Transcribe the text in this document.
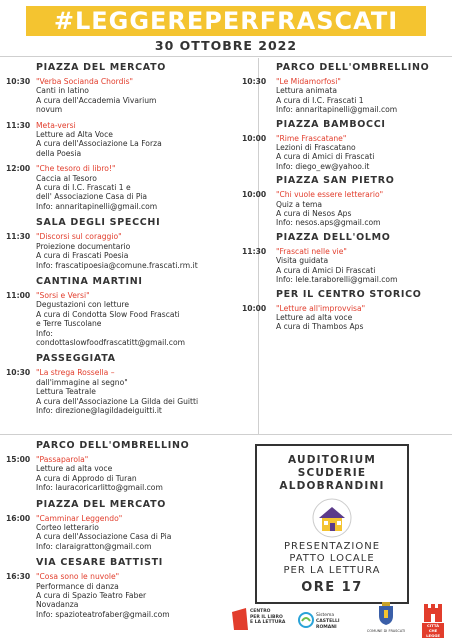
#LEGGEREPERFRASCATI
30 OTTOBRE 2022
PIAZZA DEL MERCATO
10:30 "Verba Socianda Chordis"
Canti in latino
A cura dell'Accademia Vivarium
novum
11:30 Meta-versi
Letture ad Alta Voce
A cura dell'Associazione La Forza
della Poesia
12:00 "Che tesoro di libro!"
Caccia al Tesoro
A cura di I.C. Frascati 1 e
dell' Associazione Casa di Pia
Info: annaritapinelli@gmail.com
SALA DEGLI SPECCHI
11:30 "Discorsi sul coraggio"
Proiezione documentario
A cura di Frascati Poesia
Info: frascatipoesia@comune.frascati.rm.it
CANTINA MARTINI
11:00 "Sorsi e Versi"
Degustazioni con letture
A cura di Condotta Slow Food Frascati
e Terre Tuscolane
Info:
condottaslowfoodfrascatitt@gmail.com
PASSEGGIATA
10:30 "La strega Rossella –
dall'immagine al segno"
Lettura Teatrale
A cura dell'Associazione La Gilda dei Guitti
Info: direzione@lagildadeiguitti.it
PARCO DELL'OMBRELLINO
10:30 "Le Midamorfosi"
Lettura animata
A cura di I.C. Frascati 1
Info: annaritapinelli@gmail.com
PIAZZA BAMBOCCI
10:00 "Rime Frascatane"
Lezioni di Frascatano
A cura di Amici di Frascati
Info: diego_ew@yahoo.it
PIAZZA SAN PIETRO
10:00 "Chi vuole essere letterario"
Quiz a tema
A cura di Nesos Aps
Info: nesos.aps@gmail.com
PIAZZA DELL'OLMO
11:30 "Frascati nelle vie"
Visita guidata
A cura di Amici Di Frascati
Info: lele.taraborelli@gmail.com
PER IL CENTRO STORICO
10:00 "Letture all'improvvisa"
Letture ad alta voce
A cura di Thambos Aps
PARCO DELL'OMBRELLINO
15:00 "Passaparola"
Letture ad alta voce
A cura di Approdo di Turan
Info: lauracoricarlitto@gmail.com
PIAZZA DEL MERCATO
16:00 "Camminar Leggendo"
Corteo letterario
A cura dell'Associazione Casa di Pia
Info: claraigratton@gmail.com
VIA CESARE BATTISTI
16:30 "Cosa sono le nuvole"
Performance di danza
A cura di Spazio Teatro Faber
Novadanza
Info: spazioteatrofaber@gmail.com
AUDITORIUM
SCUDERIE
ALDOBRANDINI
PRESENTAZIONE
PATTO LOCALE
PER LA LETTURA
ORE 17
CENTRO
PER IL LIBRO
E LA LETTURA
Sistema
CASTELLI ROMANI
COMUNE DI FRASCATI
CITTÀ
CHE LEGGE
